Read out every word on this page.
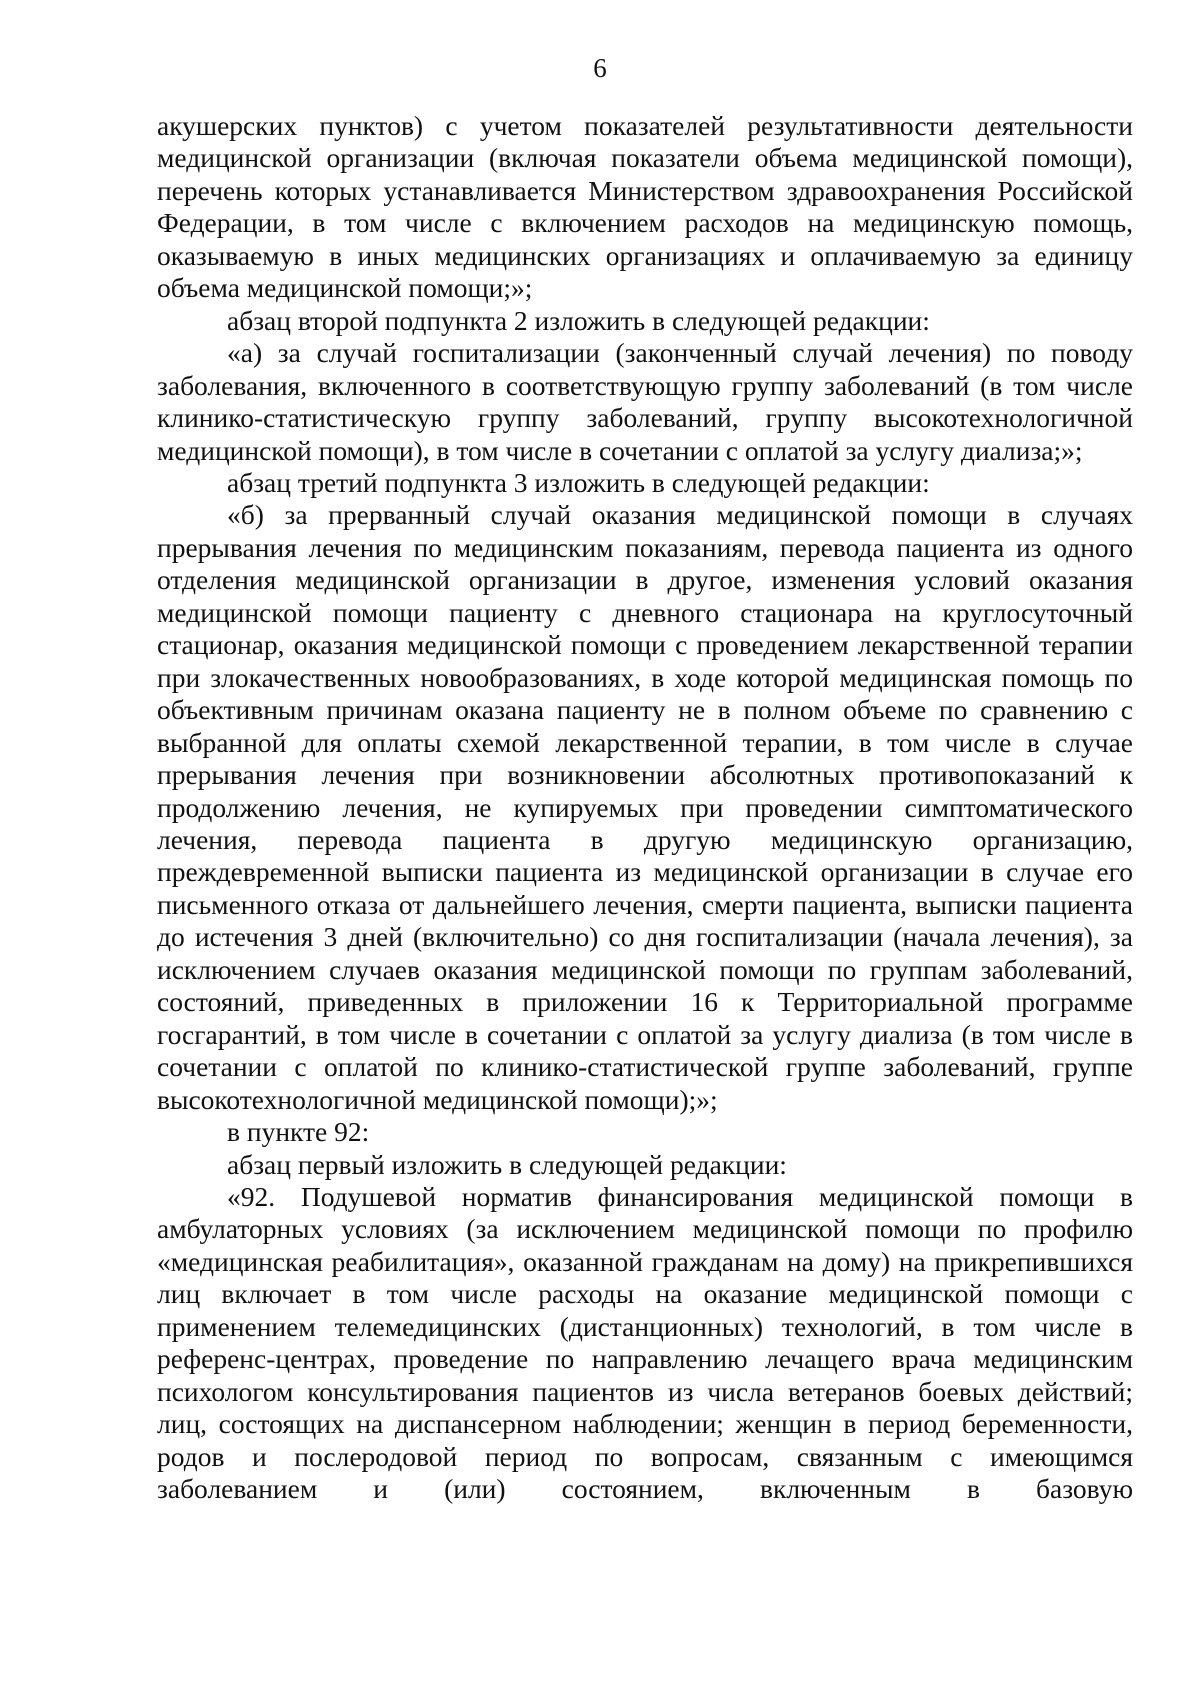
6

акушерских пунктов) с учетом показателей результативности деятельности медицинской организации (включая показатели объема медицинской помощи), перечень которых устанавливается Министерством здравоохранения Российской Федерации, в том числе с включением расходов на медицинскую помощь, оказываемую в иных медицинских организациях и оплачиваемую за единицу объема медицинской помощи;»;

абзац второй подпункта 2 изложить в следующей редакции:

«а) за случай госпитализации (законченный случай лечения) по поводу заболевания, включенного в соответствующую группу заболеваний (в том числе клинико-статистическую группу заболеваний, группу высокотехнологичной медицинской помощи), в том числе в сочетании с оплатой за услугу диализа;»;

абзац третий подпункта 3 изложить в следующей редакции:

«б) за прерванный случай оказания медицинской помощи в случаях прерывания лечения по медицинским показаниям, перевода пациента из одного отделения медицинской организации в другое, изменения условий оказания медицинской помощи пациенту с дневного стационара на круглосуточный стационар, оказания медицинской помощи с проведением лекарственной терапии при злокачественных новообразованиях, в ходе которой медицинская помощь по объективным причинам оказана пациенту не в полном объеме по сравнению с выбранной для оплаты схемой лекарственной терапии, в том числе в случае прерывания лечения при возникновении абсолютных противопоказаний к продолжению лечения, не купируемых при проведении симптоматического лечения, перевода пациента в другую медицинскую организацию, преждевременной выписки пациента из медицинской организации в случае его письменного отказа от дальнейшего лечения, смерти пациента, выписки пациента до истечения 3 дней (включительно) со дня госпитализации (начала лечения), за исключением случаев оказания медицинской помощи по группам заболеваний, состояний, приведенных в приложении 16 к Территориальной программе госгарантий, в том числе в сочетании с оплатой за услугу диализа (в том числе в сочетании с оплатой по клинико-статистической группе заболеваний, группе высокотехнологичной медицинской помощи);»;

в пункте 92:

абзац первый изложить в следующей редакции:

«92. Подушевой норматив финансирования медицинской помощи в амбулаторных условиях (за исключением медицинской помощи по профилю «медицинская реабилитация», оказанной гражданам на дому) на прикрепившихся лиц включает в том числе расходы на оказание медицинской помощи с применением телемедицинских (дистанционных) технологий, в том числе в референс-центрах, проведение по направлению лечащего врача медицинским психологом консультирования пациентов из числа ветеранов боевых действий; лиц, состоящих на диспансерном наблюдении; женщин в период беременности, родов и послеродовой период по вопросам, связанным с имеющимся заболеванием и (или) состоянием, включенным в базовую
